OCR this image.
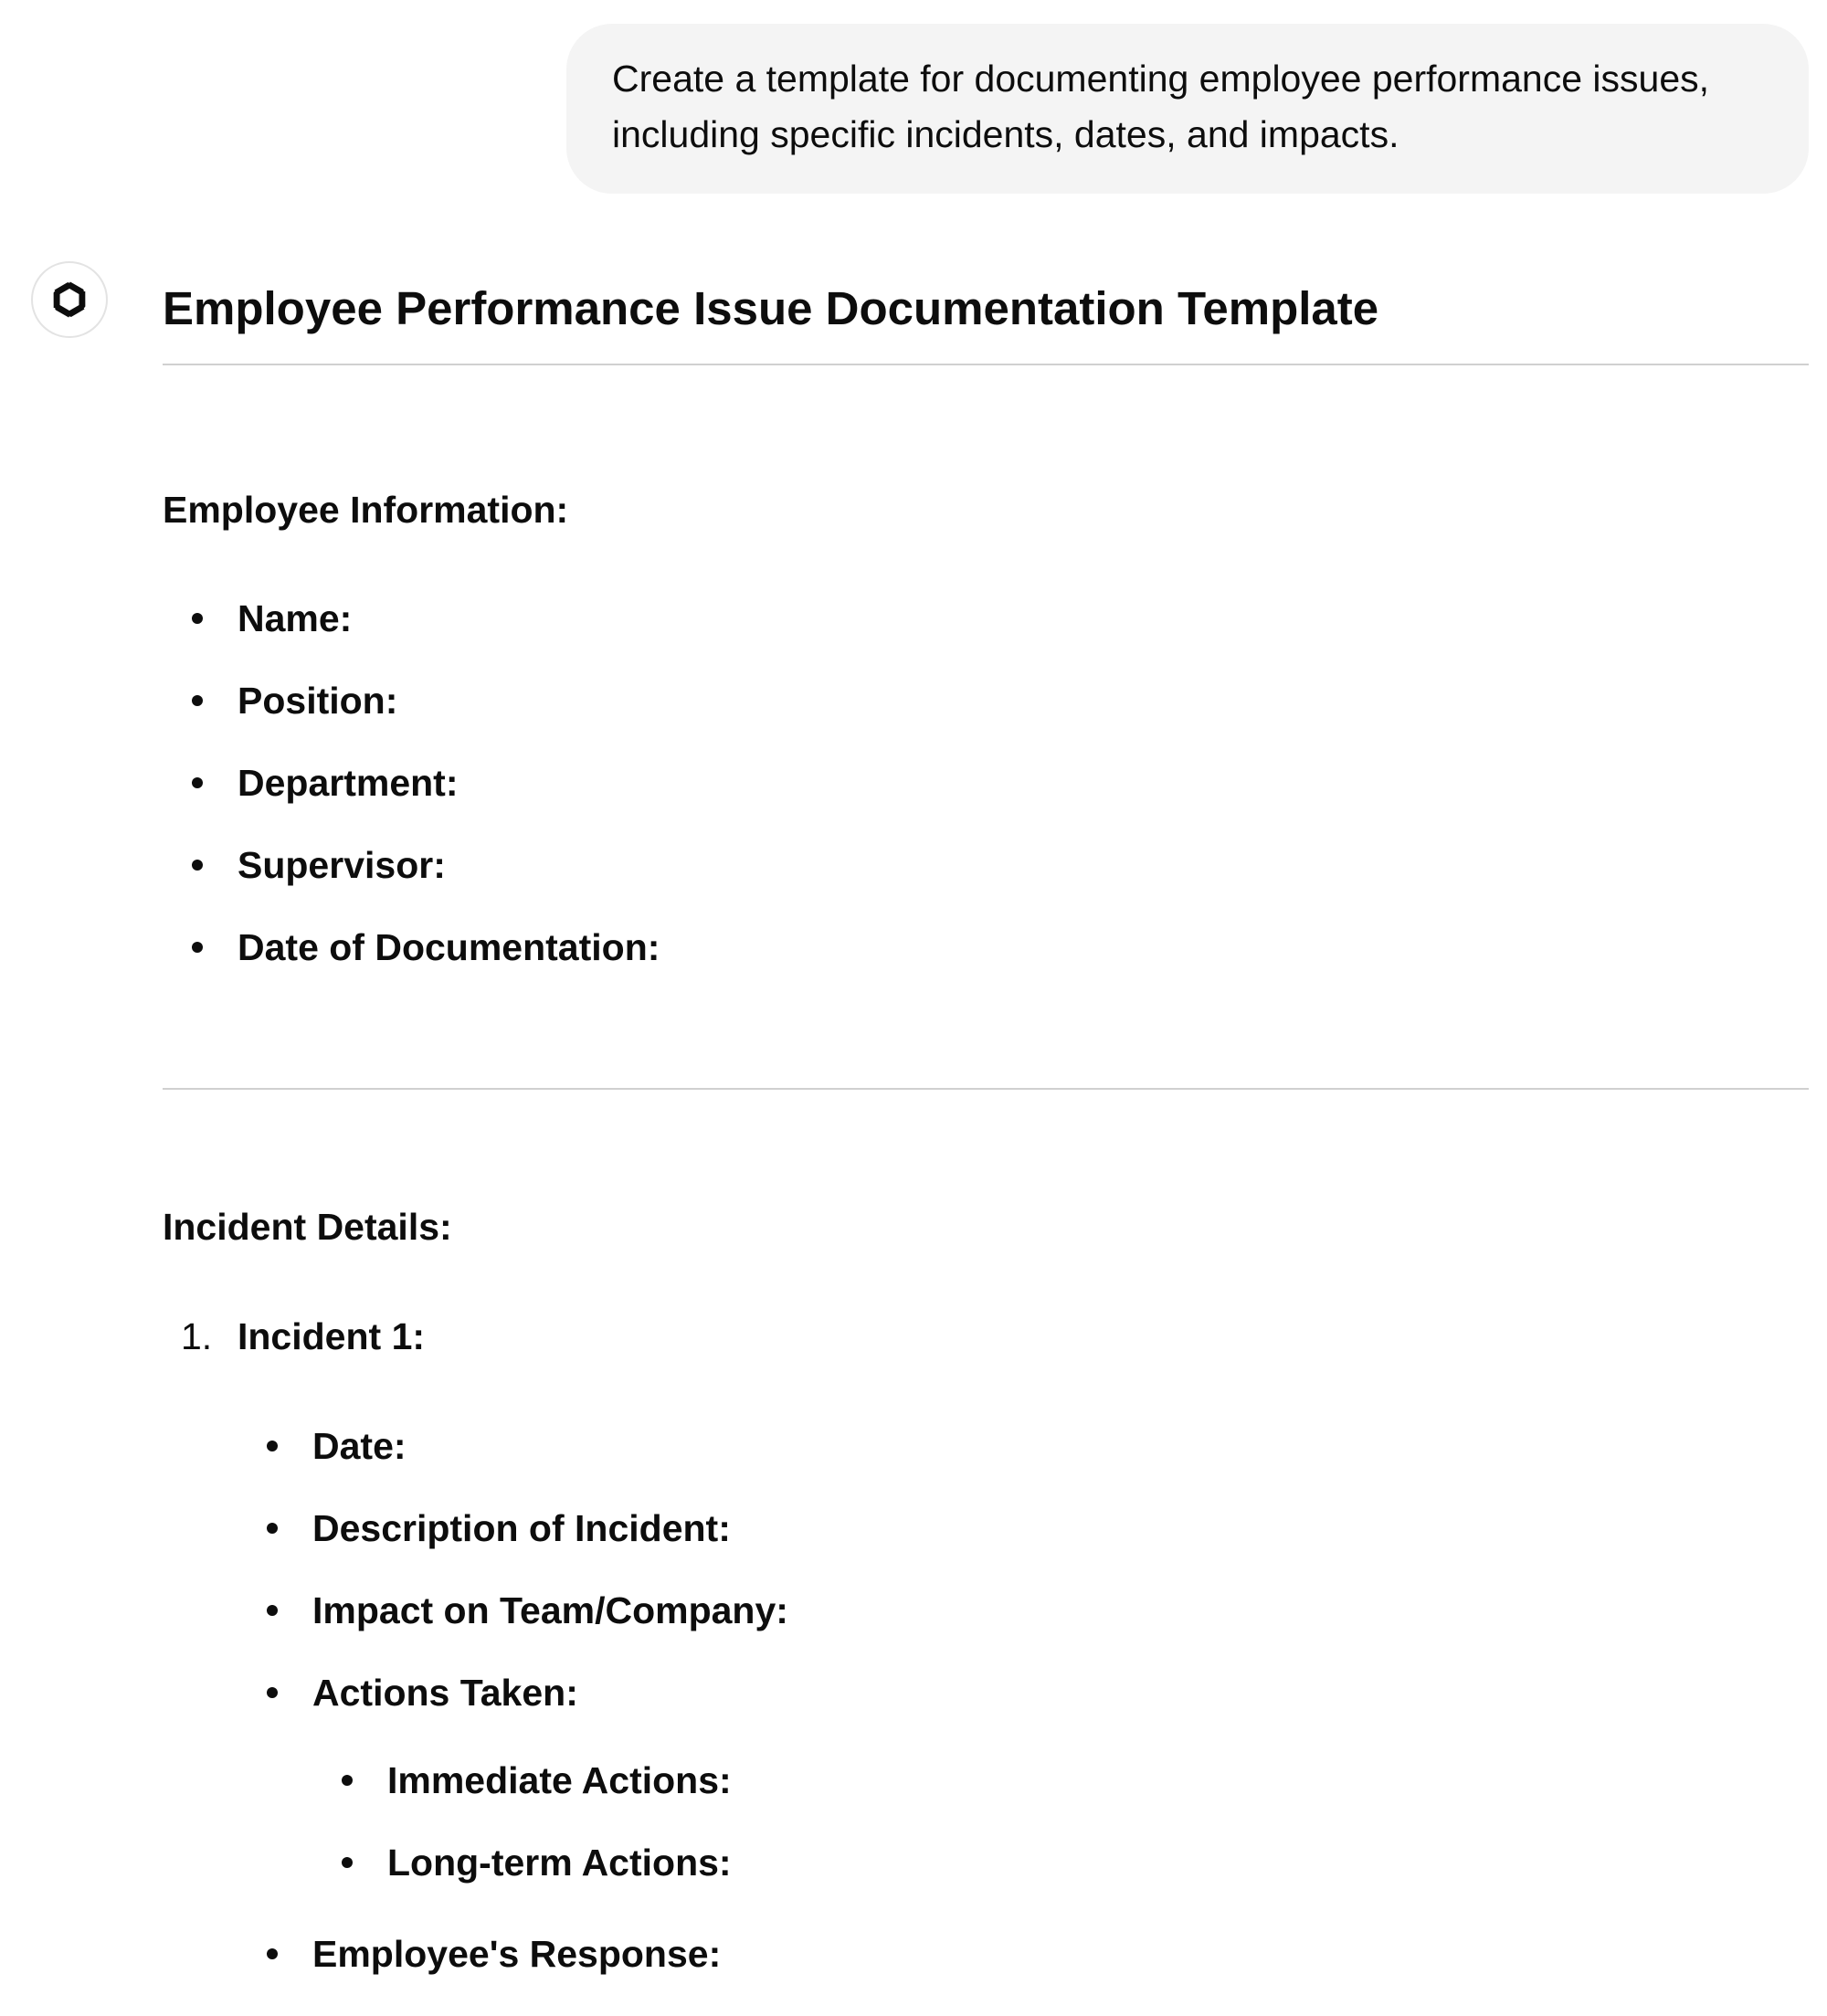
Create a template for documenting employee performance issues,
including specific incidents, dates, and impacts.
Employee Performance Issue Documentation Template
Employee Information:
Name:
Position:
Department:
Supervisor:
Date of Documentation:
Incident Details:
1. Incident 1:
Date:
Description of Incident:
Impact on Team/Company:
Actions Taken:
Immediate Actions:
Long-term Actions:
Employee's Response:
